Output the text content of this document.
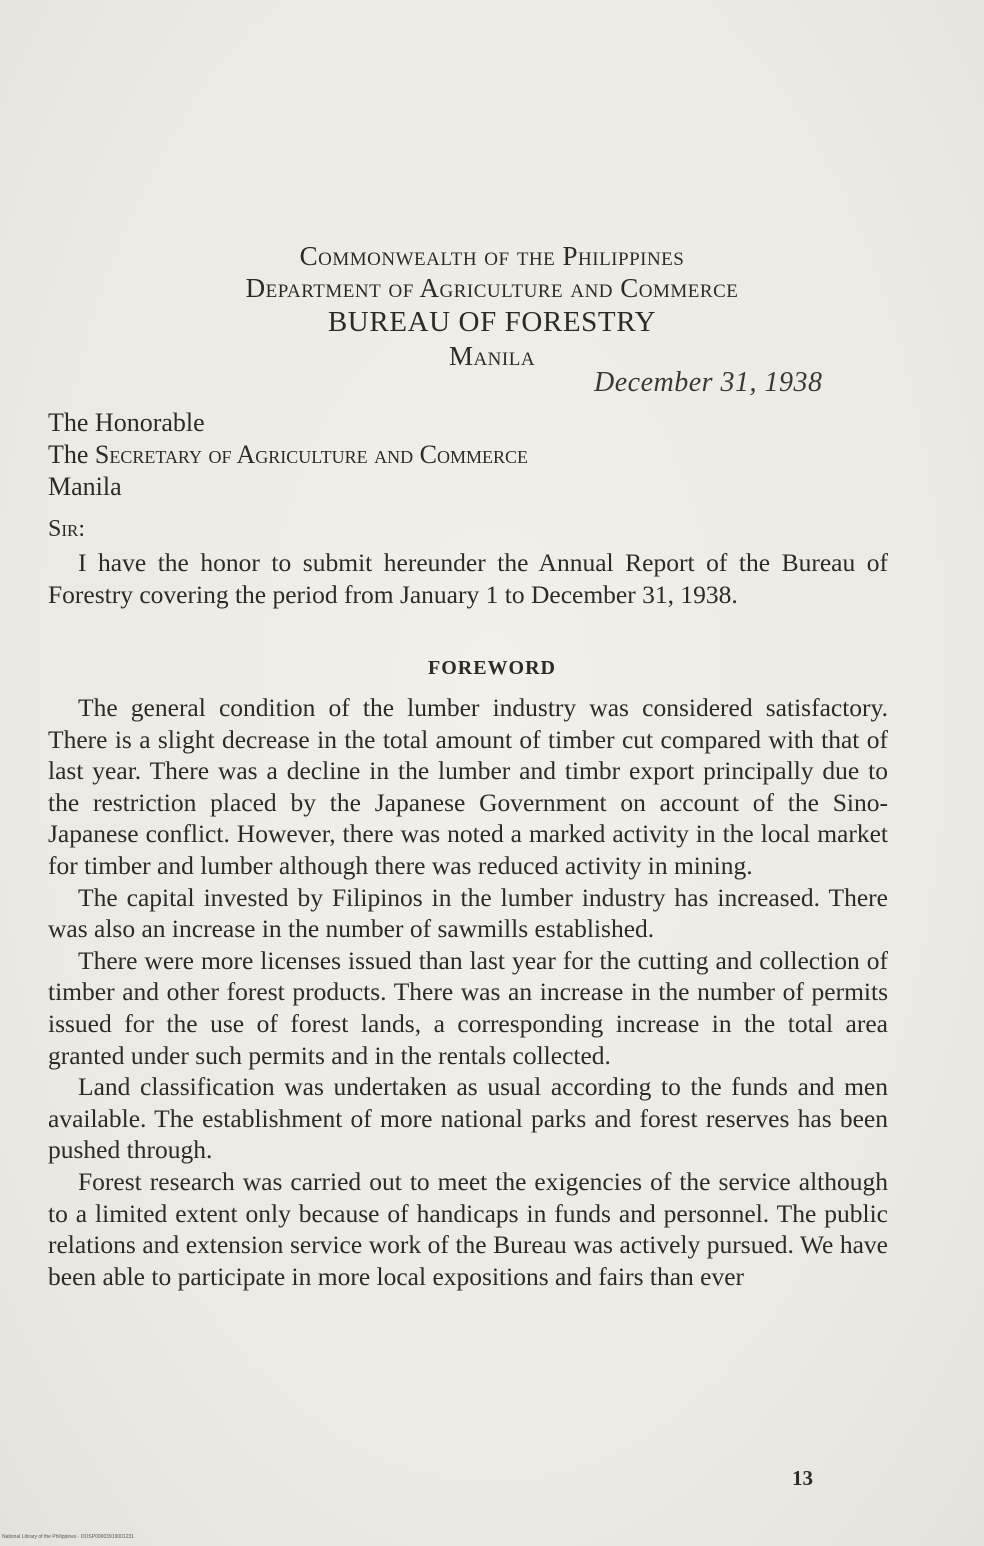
Commonwealth of the Philippines
Department of Agriculture and Commerce
BUREAU OF FORESTRY
Manila
December 31, 1938
The Honorable
The Secretary of Agriculture and Commerce
Manila
Sir:

I have the honor to submit hereunder the Annual Report of the Bureau of Forestry covering the period from January 1 to December 31, 1938.

FOREWORD

The general condition of the lumber industry was considered satisfactory. There is a slight decrease in the total amount of timber cut compared with that of last year. There was a decline in the lumber and timbr export principally due to the restriction placed by the Japanese Government on account of the Sino-Japanese conflict. However, there was noted a marked activity in the local market for timber and lumber although there was reduced activity in mining.

The capital invested by Filipinos in the lumber industry has increased. There was also an increase in the number of sawmills established.

There were more licenses issued than last year for the cutting and collection of timber and other forest products. There was an increase in the number of permits issued for the use of forest lands, a corresponding increase in the total area granted under such permits and in the rentals collected.

Land classification was undertaken as usual according to the funds and men available. The establishment of more national parks and forest reserves has been pushed through.

Forest research was carried out to meet the exigencies of the service although to a limited extent only because of handicaps in funds and personnel. The public relations and extension service work of the Bureau was actively pursued. We have been able to participate in more local expositions and fairs than ever

13
National Library of the Philippines · DOSP00003919001231
